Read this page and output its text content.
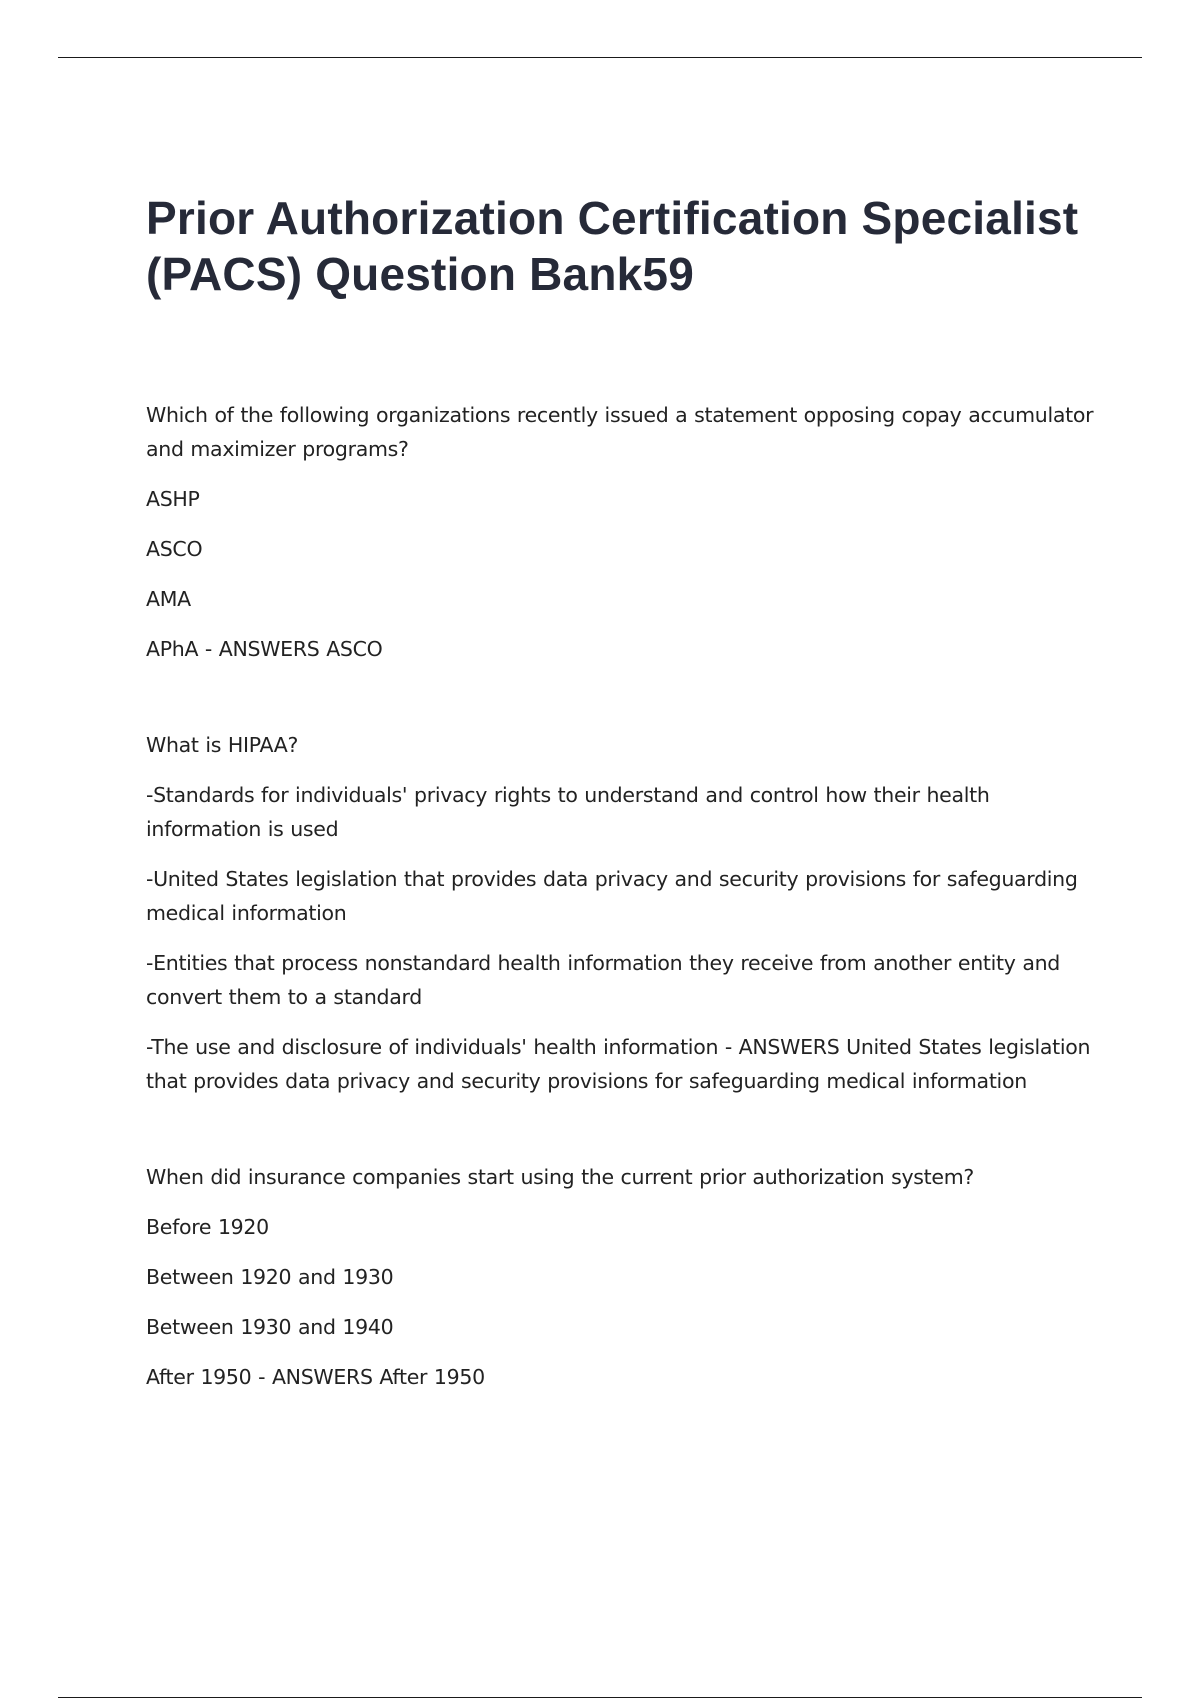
Prior Authorization Certification Specialist (PACS) Question Bank59

Which of the following organizations recently issued a statement opposing copay accumulator and maximizer programs?

ASHP

ASCO

AMA

APhA - ANSWERS ASCO

What is HIPAA?

-Standards for individuals' privacy rights to understand and control how their health information is used

-United States legislation that provides data privacy and security provisions for safeguarding medical information

-Entities that process nonstandard health information they receive from another entity and convert them to a standard

-The use and disclosure of individuals' health information - ANSWERS United States legislation that provides data privacy and security provisions for safeguarding medical information

When did insurance companies start using the current prior authorization system?

Before 1920

Between 1920 and 1930

Between 1930 and 1940

After 1950 - ANSWERS After 1950
